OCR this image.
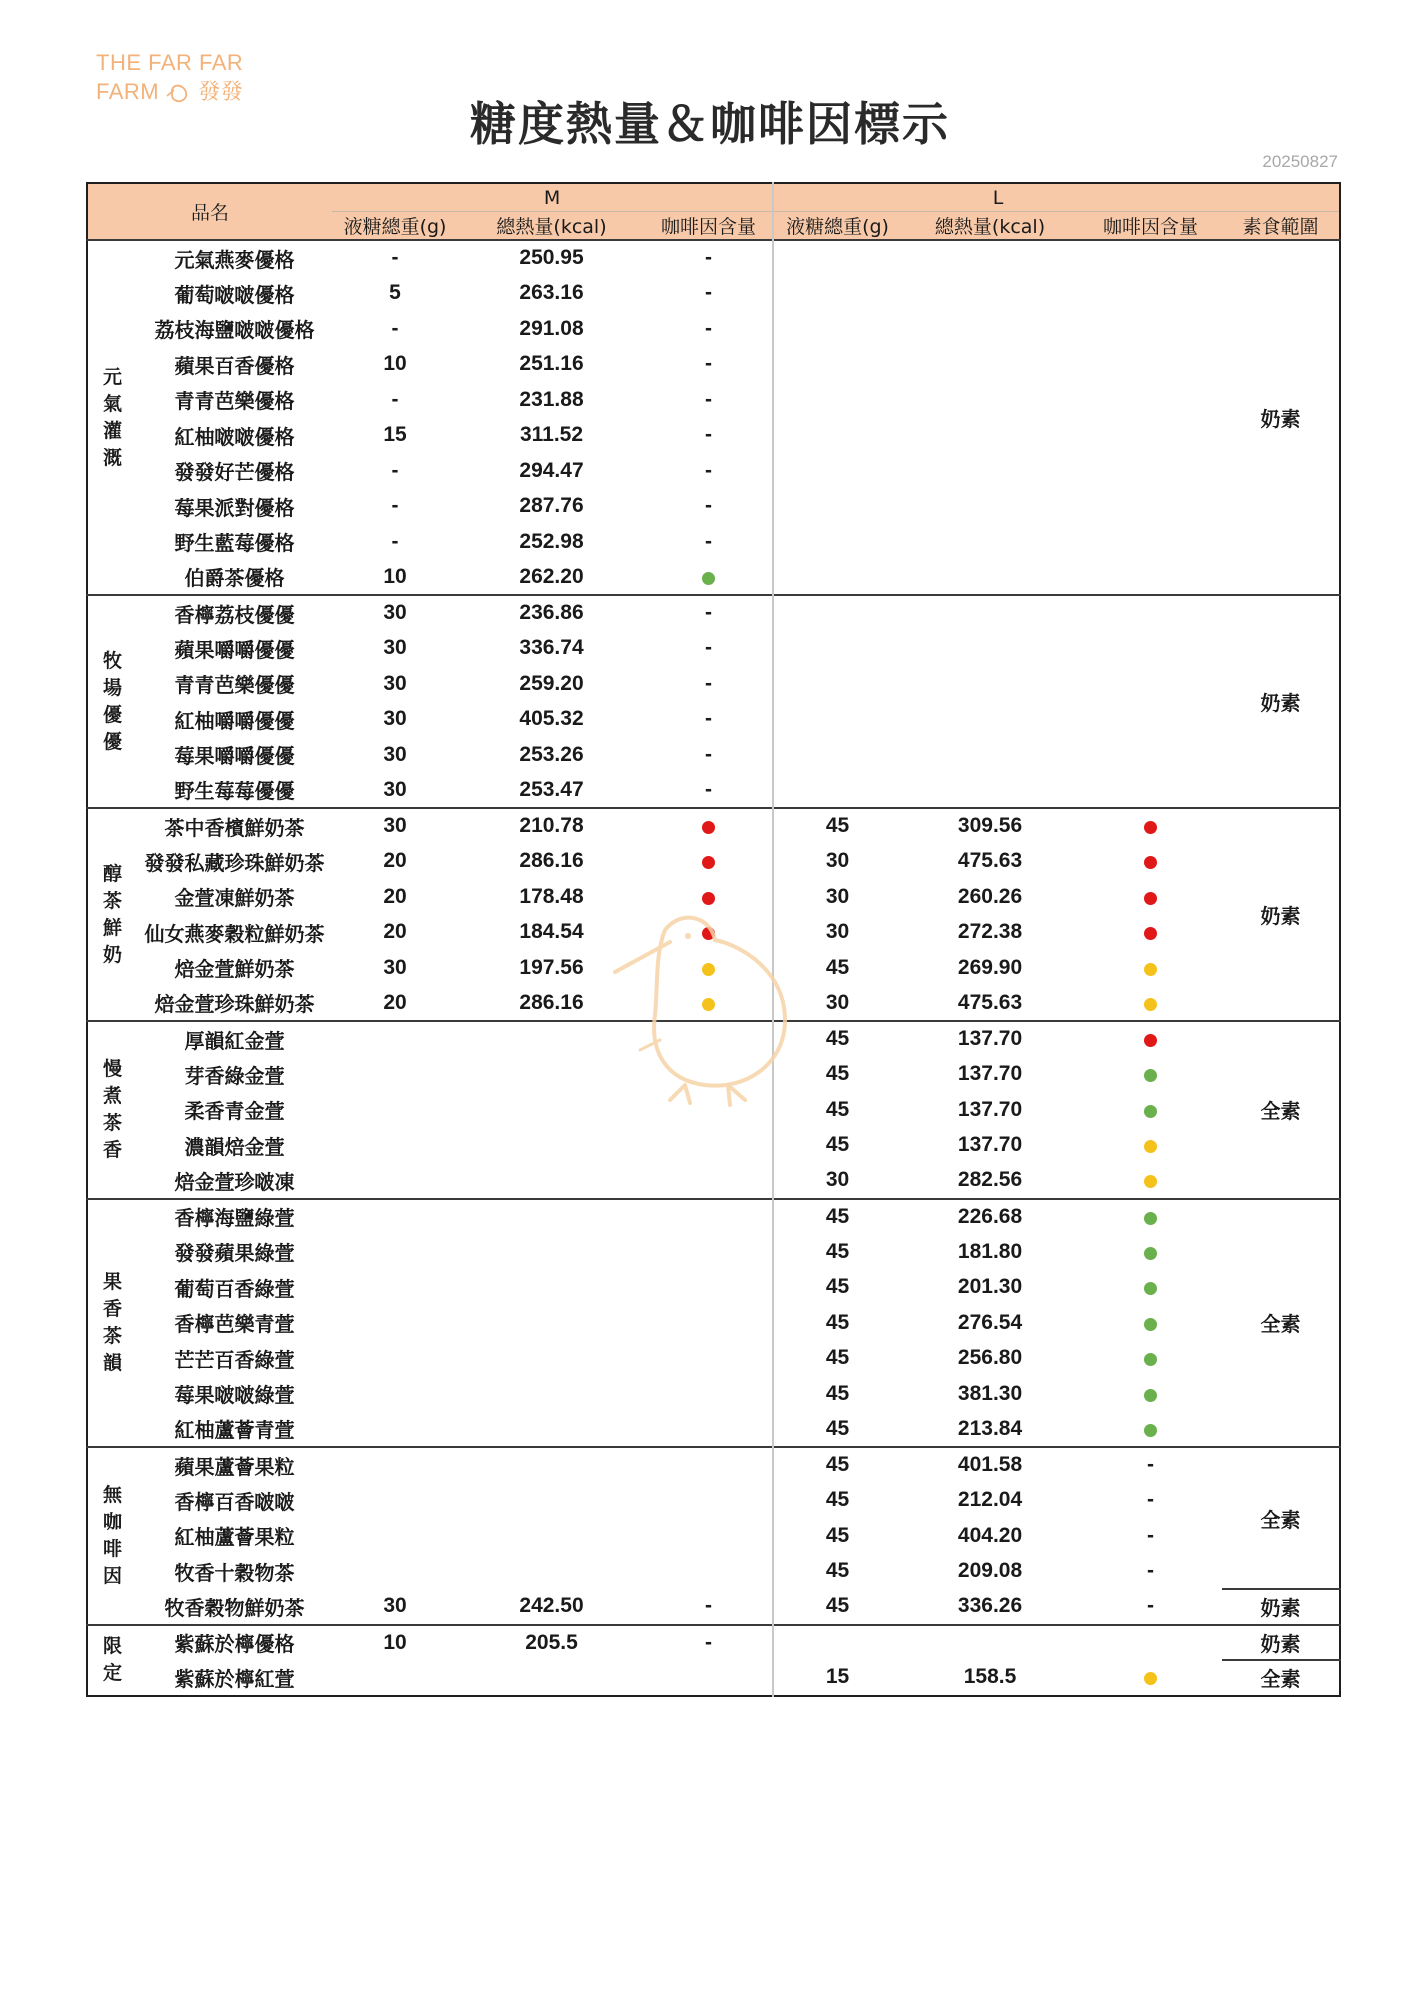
THE FAR FAR
FARM 發發
糖度熱量＆咖啡因標示
20250827
品名		M			L			
		液糖總重(g)	總熱量(kcal)	咖啡因含量	液糖總重(g)	總熱量(kcal)	咖啡因含量	素食範圍
元氣灌溉	元氣燕麥優格	-	250.95	-				奶素
	葡萄啵啵優格	5	263.16	-				
	荔枝海鹽啵啵優格	-	291.08	-				
	蘋果百香優格	10	251.16	-				
	青青芭樂優格	-	231.88	-				
	紅柚啵啵優格	15	311.52	-				
	發發好芒優格	-	294.47	-				
	莓果派對優格	-	287.76	-				
	野生藍莓優格	-	252.98	-				
	伯爵茶優格	10	262.20					
牧場優優	香檸荔枝優優	30	236.86	-				奶素
	蘋果嚼嚼優優	30	336.74	-				
	青青芭樂優優	30	259.20	-				
	紅柚嚼嚼優優	30	405.32	-				
	莓果嚼嚼優優	30	253.26	-				
	野生莓莓優優	30	253.47	-				
醇茶鮮奶	茶中香檳鮮奶茶	30	210.78		45	309.56		奶素
	發發私藏珍珠鮮奶茶	20	286.16		30	475.63		
	金萱凍鮮奶茶	20	178.48		30	260.26		
	仙女燕麥穀粒鮮奶茶	20	184.54		30	272.38		
	焙金萱鮮奶茶	30	197.56		45	269.90		
	焙金萱珍珠鮮奶茶	20	286.16		30	475.63		
慢煮茶香	厚韻紅金萱				45	137.70		全素
	芽香綠金萱				45	137.70		
	柔香青金萱				45	137.70		
	濃韻焙金萱				45	137.70		
	焙金萱珍啵凍				30	282.56		
果香茶韻	香檸海鹽綠萱				45	226.68		全素
	發發蘋果綠萱				45	181.80		
	葡萄百香綠萱				45	201.30		
	香檸芭樂青萱				45	276.54		
	芒芒百香綠萱				45	256.80		
	莓果啵啵綠萱				45	381.30		
	紅柚蘆薈青萱				45	213.84		
無咖啡因	蘋果蘆薈果粒				45	401.58	-	全素
	香檸百香啵啵				45	212.04	-	
	紅柚蘆薈果粒				45	404.20	-	
	牧香十穀物茶				45	209.08	-	
	牧香穀物鮮奶茶	30	242.50	-	45	336.26	-	奶素
限定	紫蘇於檸優格	10	205.5	-				奶素
	紫蘇於檸紅萱				15	158.5		全素
